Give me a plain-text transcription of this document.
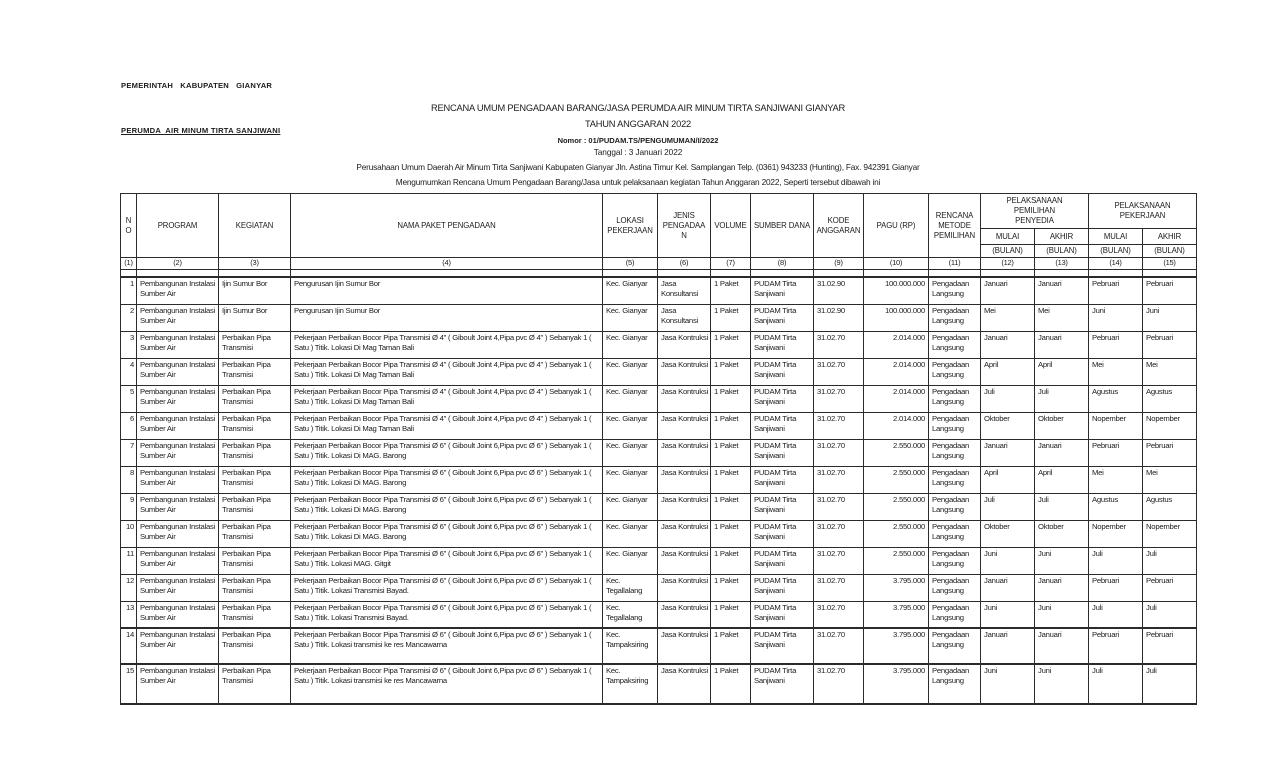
PEMERINTAH   KABUPATEN   GIANYAR

PERUMDA  AIR MINUM TIRTA SANJIWANI

RENCANA UMUM PENGADAAN BARANG/JASA PERUMDA AIR MINUM TIRTA SANJIWANI GIANYAR
TAHUN ANGGARAN 2022
Nomor : 01/PUDAM.TS/PENGUMUMAN/I/2022
Tanggal : 3 Januari 2022
Perusahaan Umum Daerah Air Minum Tirta Sanjiwani Kabupaten Gianyar Jln. Astina Timur Kel. Samplangan Telp. (0361) 943233 (Hunting), Fax. 942391 Gianyar
Mengumumkan Rencana Umum Pengadaan Barang/Jasa untuk pelaksanaan kegiatan Tahun Anggaran 2022, Seperti tersebut dibawah ini
NO	PROGRAM	KEGIATAN	NAMA PAKET PENGADAAN	LOKASI PEKERJAAN	JENIS PENGADAAN	VOLUME	SUMBER DANA	KODE ANGGARAN	PAGU (RP)	RENCANA METODE PEMILIHAN	PELAKSANAAN PEMILIHAN PENYEDIA		PELAKSANAAN PEKERJAAN	
											MULAI	AKHIR	MULAI	AKHIR
											(BULAN)	(BULAN)	(BULAN)	(BULAN)
(1)	(2)	(3)	(4)	(5)	(6)	(7)	(8)	(9)	(10)	(11)	(12)	(13)	(14)	(15)

1	Pembangunan Instalasi Sumber Air	Ijin Sumur Bor	Pengurusan Ijin Sumur Bor	Kec. Gianyar	Jasa Konsultansi	1 Paket	PUDAM Tirta Sanjiwani	31.02.90	100.000.000	Pengadaan Langsung	Januari	Januari	Pebruari	Pebruari
2	Pembangunan Instalasi Sumber Air	Ijin Sumur Bor	Pengurusan Ijin Sumur Bor	Kec. Gianyar	Jasa Konsultansi	1 Paket	PUDAM Tirta Sanjiwani	31.02.90	100.000.000	Pengadaan Langsung	Mei	Mei	Juni	Juni
3	Pembangunan Instalasi Sumber Air	Perbaikan Pipa Transmisi	Pekerjaan Perbaikan Bocor Pipa Transmisi Ø 4" ( Giboult Joint 4,Pipa pvc Ø 4" ) Sebanyak 1 ( Satu ) Titik. Lokasi Di Mag Taman Bali	Kec. Gianyar	Jasa Kontruksi	1 Paket	PUDAM Tirta Sanjiwani	31.02.70	2.014.000	Pengadaan Langsung	Januari	Januari	Pebruari	Pebruari
4	Pembangunan Instalasi Sumber Air	Perbaikan Pipa Transmisi	Pekerjaan Perbaikan Bocor Pipa Transmisi Ø 4" ( Giboult Joint 4,Pipa pvc Ø 4" ) Sebanyak 1 ( Satu ) Titik. Lokasi Di Mag Taman Bali	Kec. Gianyar	Jasa Kontruksi	1 Paket	PUDAM Tirta Sanjiwani	31.02.70	2.014.000	Pengadaan Langsung	April	April	Mei	Mei
5	Pembangunan Instalasi Sumber Air	Perbaikan Pipa Transmisi	Pekerjaan Perbaikan Bocor Pipa Transmisi Ø 4" ( Giboult Joint 4,Pipa pvc Ø 4" ) Sebanyak 1 ( Satu ) Titik. Lokasi Di Mag Taman Bali	Kec. Gianyar	Jasa Kontruksi	1 Paket	PUDAM Tirta Sanjiwani	31.02.70	2.014.000	Pengadaan Langsung	Juli	Juli	Agustus	Agustus
6	Pembangunan Instalasi Sumber Air	Perbaikan Pipa Transmisi	Pekerjaan Perbaikan Bocor Pipa Transmisi Ø 4" ( Giboult Joint 4,Pipa pvc Ø 4" ) Sebanyak 1 ( Satu ) Titik. Lokasi Di Mag Taman Bali	Kec. Gianyar	Jasa Kontruksi	1 Paket	PUDAM Tirta Sanjiwani	31.02.70	2.014.000	Pengadaan Langsung	Oktober	Oktober	Nopember	Nopember
7	Pembangunan Instalasi Sumber Air	Perbaikan Pipa Transmisi	Pekerjaan Perbaikan Bocor Pipa Transmisi Ø 6" ( Giboult Joint 6,Pipa pvc Ø 6" ) Sebanyak 1 ( Satu ) Titik. Lokasi Di MAG. Barong	Kec. Gianyar	Jasa Kontruksi	1 Paket	PUDAM Tirta Sanjiwani	31.02.70	2.550.000	Pengadaan Langsung	Januari	Januari	Pebruari	Pebruari
8	Pembangunan Instalasi Sumber Air	Perbaikan Pipa Transmisi	Pekerjaan Perbaikan Bocor Pipa Transmisi Ø 6" ( Giboult Joint 6,Pipa pvc Ø 6" ) Sebanyak 1 ( Satu ) Titik. Lokasi Di MAG. Barong	Kec. Gianyar	Jasa Kontruksi	1 Paket	PUDAM Tirta Sanjiwani	31.02.70	2.550.000	Pengadaan Langsung	April	April	Mei	Mei
9	Pembangunan Instalasi Sumber Air	Perbaikan Pipa Transmisi	Pekerjaan Perbaikan Bocor Pipa Transmisi Ø 6" ( Giboult Joint 6,Pipa pvc Ø 6" ) Sebanyak 1 ( Satu ) Titik. Lokasi Di MAG. Barong	Kec. Gianyar	Jasa Kontruksi	1 Paket	PUDAM Tirta Sanjiwani	31.02.70	2.550.000	Pengadaan Langsung	Juli	Juli	Agustus	Agustus
10	Pembangunan Instalasi Sumber Air	Perbaikan Pipa Transmisi	Pekerjaan Perbaikan Bocor Pipa Transmisi Ø 6" ( Giboult Joint 6,Pipa pvc Ø 6" ) Sebanyak 1 ( Satu ) Titik. Lokasi Di MAG. Barong	Kec. Gianyar	Jasa Kontruksi	1 Paket	PUDAM Tirta Sanjiwani	31.02.70	2.550.000	Pengadaan Langsung	Oktober	Oktober	Nopember	Nopember
11	Pembangunan Instalasi Sumber Air	Perbaikan Pipa Transmisi	Pekerjaan Perbaikan Bocor Pipa Transmisi Ø 6" ( Giboult Joint 6,Pipa pvc Ø 6" ) Sebanyak 1 ( Satu ) Titik. Lokasi MAG. Gitgit	Kec. Gianyar	Jasa Kontruksi	1 Paket	PUDAM Tirta Sanjiwani	31.02.70	2.550.000	Pengadaan Langsung	Juni	Juni	Juli	Juli
12	Pembangunan Instalasi Sumber Air	Perbaikan Pipa Transmisi	Pekerjaan Perbaikan Bocor Pipa Transmisi Ø 6" ( Giboult Joint 6,Pipa pvc Ø 6" ) Sebanyak 1 ( Satu ) Titik. Lokasi Transmisi Bayad.	Kec. Tegallalang	Jasa Kontruksi	1 Paket	PUDAM Tirta Sanjiwani	31.02.70	3.795.000	Pengadaan Langsung	Januari	Januari	Pebruari	Pebruari
13	Pembangunan Instalasi Sumber Air	Perbaikan Pipa Transmisi	Pekerjaan Perbaikan Bocor Pipa Transmisi Ø 6" ( Giboult Joint 6,Pipa pvc Ø 6" ) Sebanyak 1 ( Satu ) Titik. Lokasi Transmisi Bayad.	Kec. Tegallalang	Jasa Kontruksi	1 Paket	PUDAM Tirta Sanjiwani	31.02.70	3.795.000	Pengadaan Langsung	Juni	Juni	Juli	Juli
14	Pembangunan Instalasi Sumber Air	Perbaikan Pipa Transmisi	Pekerjaan Perbaikan Bocor Pipa Transmisi Ø 6" ( Giboult Joint 6,Pipa pvc Ø 6" ) Sebanyak 1 ( Satu ) Titik. Lokasi transmisi ke res Mancawarna	Kec. Tampaksiring	Jasa Kontruksi	1 Paket	PUDAM Tirta Sanjiwani	31.02.70	3.795.000	Pengadaan Langsung	Januari	Januari	Pebruari	Pebruari
15	Pembangunan Instalasi Sumber Air	Perbaikan Pipa Transmisi	Pekerjaan Perbaikan Bocor Pipa Transmisi Ø 6" ( Giboult Joint 6,Pipa pvc Ø 6" ) Sebanyak 1 ( Satu ) Titik. Lokasi transmisi ke res Mancawarna	Kec. Tampaksiring	Jasa Kontruksi	1 Paket	PUDAM Tirta Sanjiwani	31.02.70	3.795.000	Pengadaan Langsung	Juni	Juni	Juli	Juli
